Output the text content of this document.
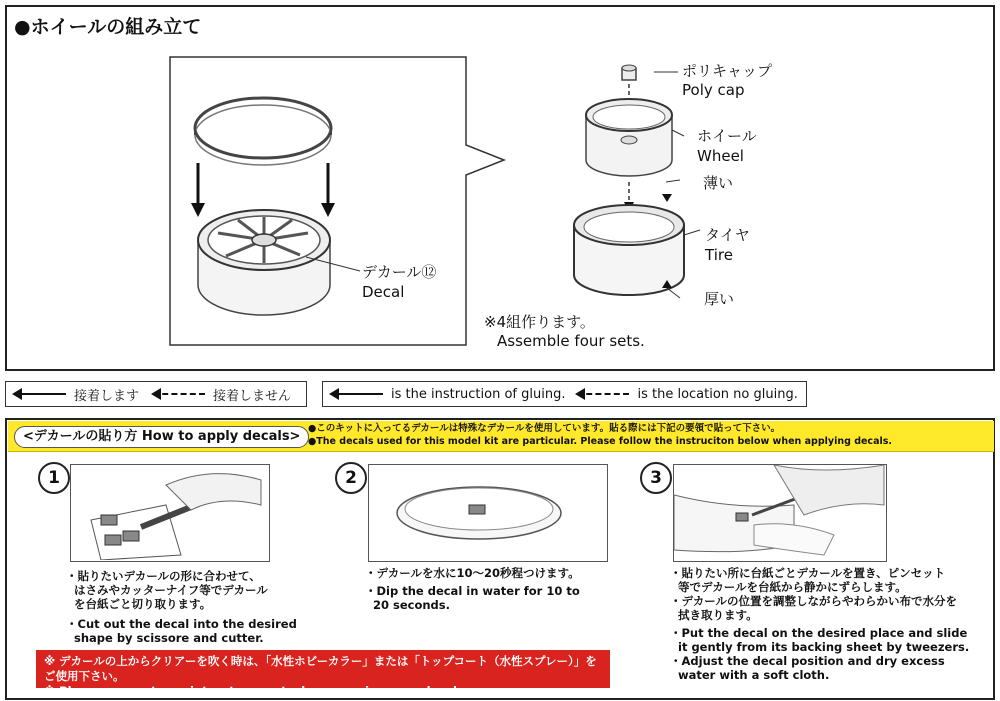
●ホイールの組み立て
デカール⑫
Decal
ポリキャップ
Poly cap
ホイール
Wheel
薄い
タイヤ
Tire
厚い
※4組作ります。
Assemble four sets.
接着します	接着しません	is the instruction of gluing.	is the location no gluing.
<デカールの貼り方 How to apply decals>
●このキットに入ってるデカールは特殊なデカールを使用しています。貼る際には下記の要領で貼って下さい。
●The decals used for this model kit are particular. Please follow the instruciton below when applying decals.
1
・貼りたいデカールの形に合わせて、
はさみやカッターナイフ等でデカール
を台紙ごと切り取ります。
・Cut out the decal into the desired
shape by scissore and cutter.
2
・デカールを水に10～20秒程つけます。
・Dip the decal in water for 10 to
20 seconds.
3
・貼りたい所に台紙ごとデカールを置き、ピンセット
等でデカールを台紙から静かにずらします。
・デカールの位置を調整しながらやわらかい布で水分を
拭き取ります。
・Put the decal on the desired place and slide
it gently from its backing sheet by tweezers.
・Adjust the decal position and dry excess
water with a soft cloth.
※ デカールの上からクリアーを吹く時は、「水性ホビーカラー」または「トップコート（水性スプレー）」をご使用下さい。
※ Please use water paint or topocoat when spraying over decals.
